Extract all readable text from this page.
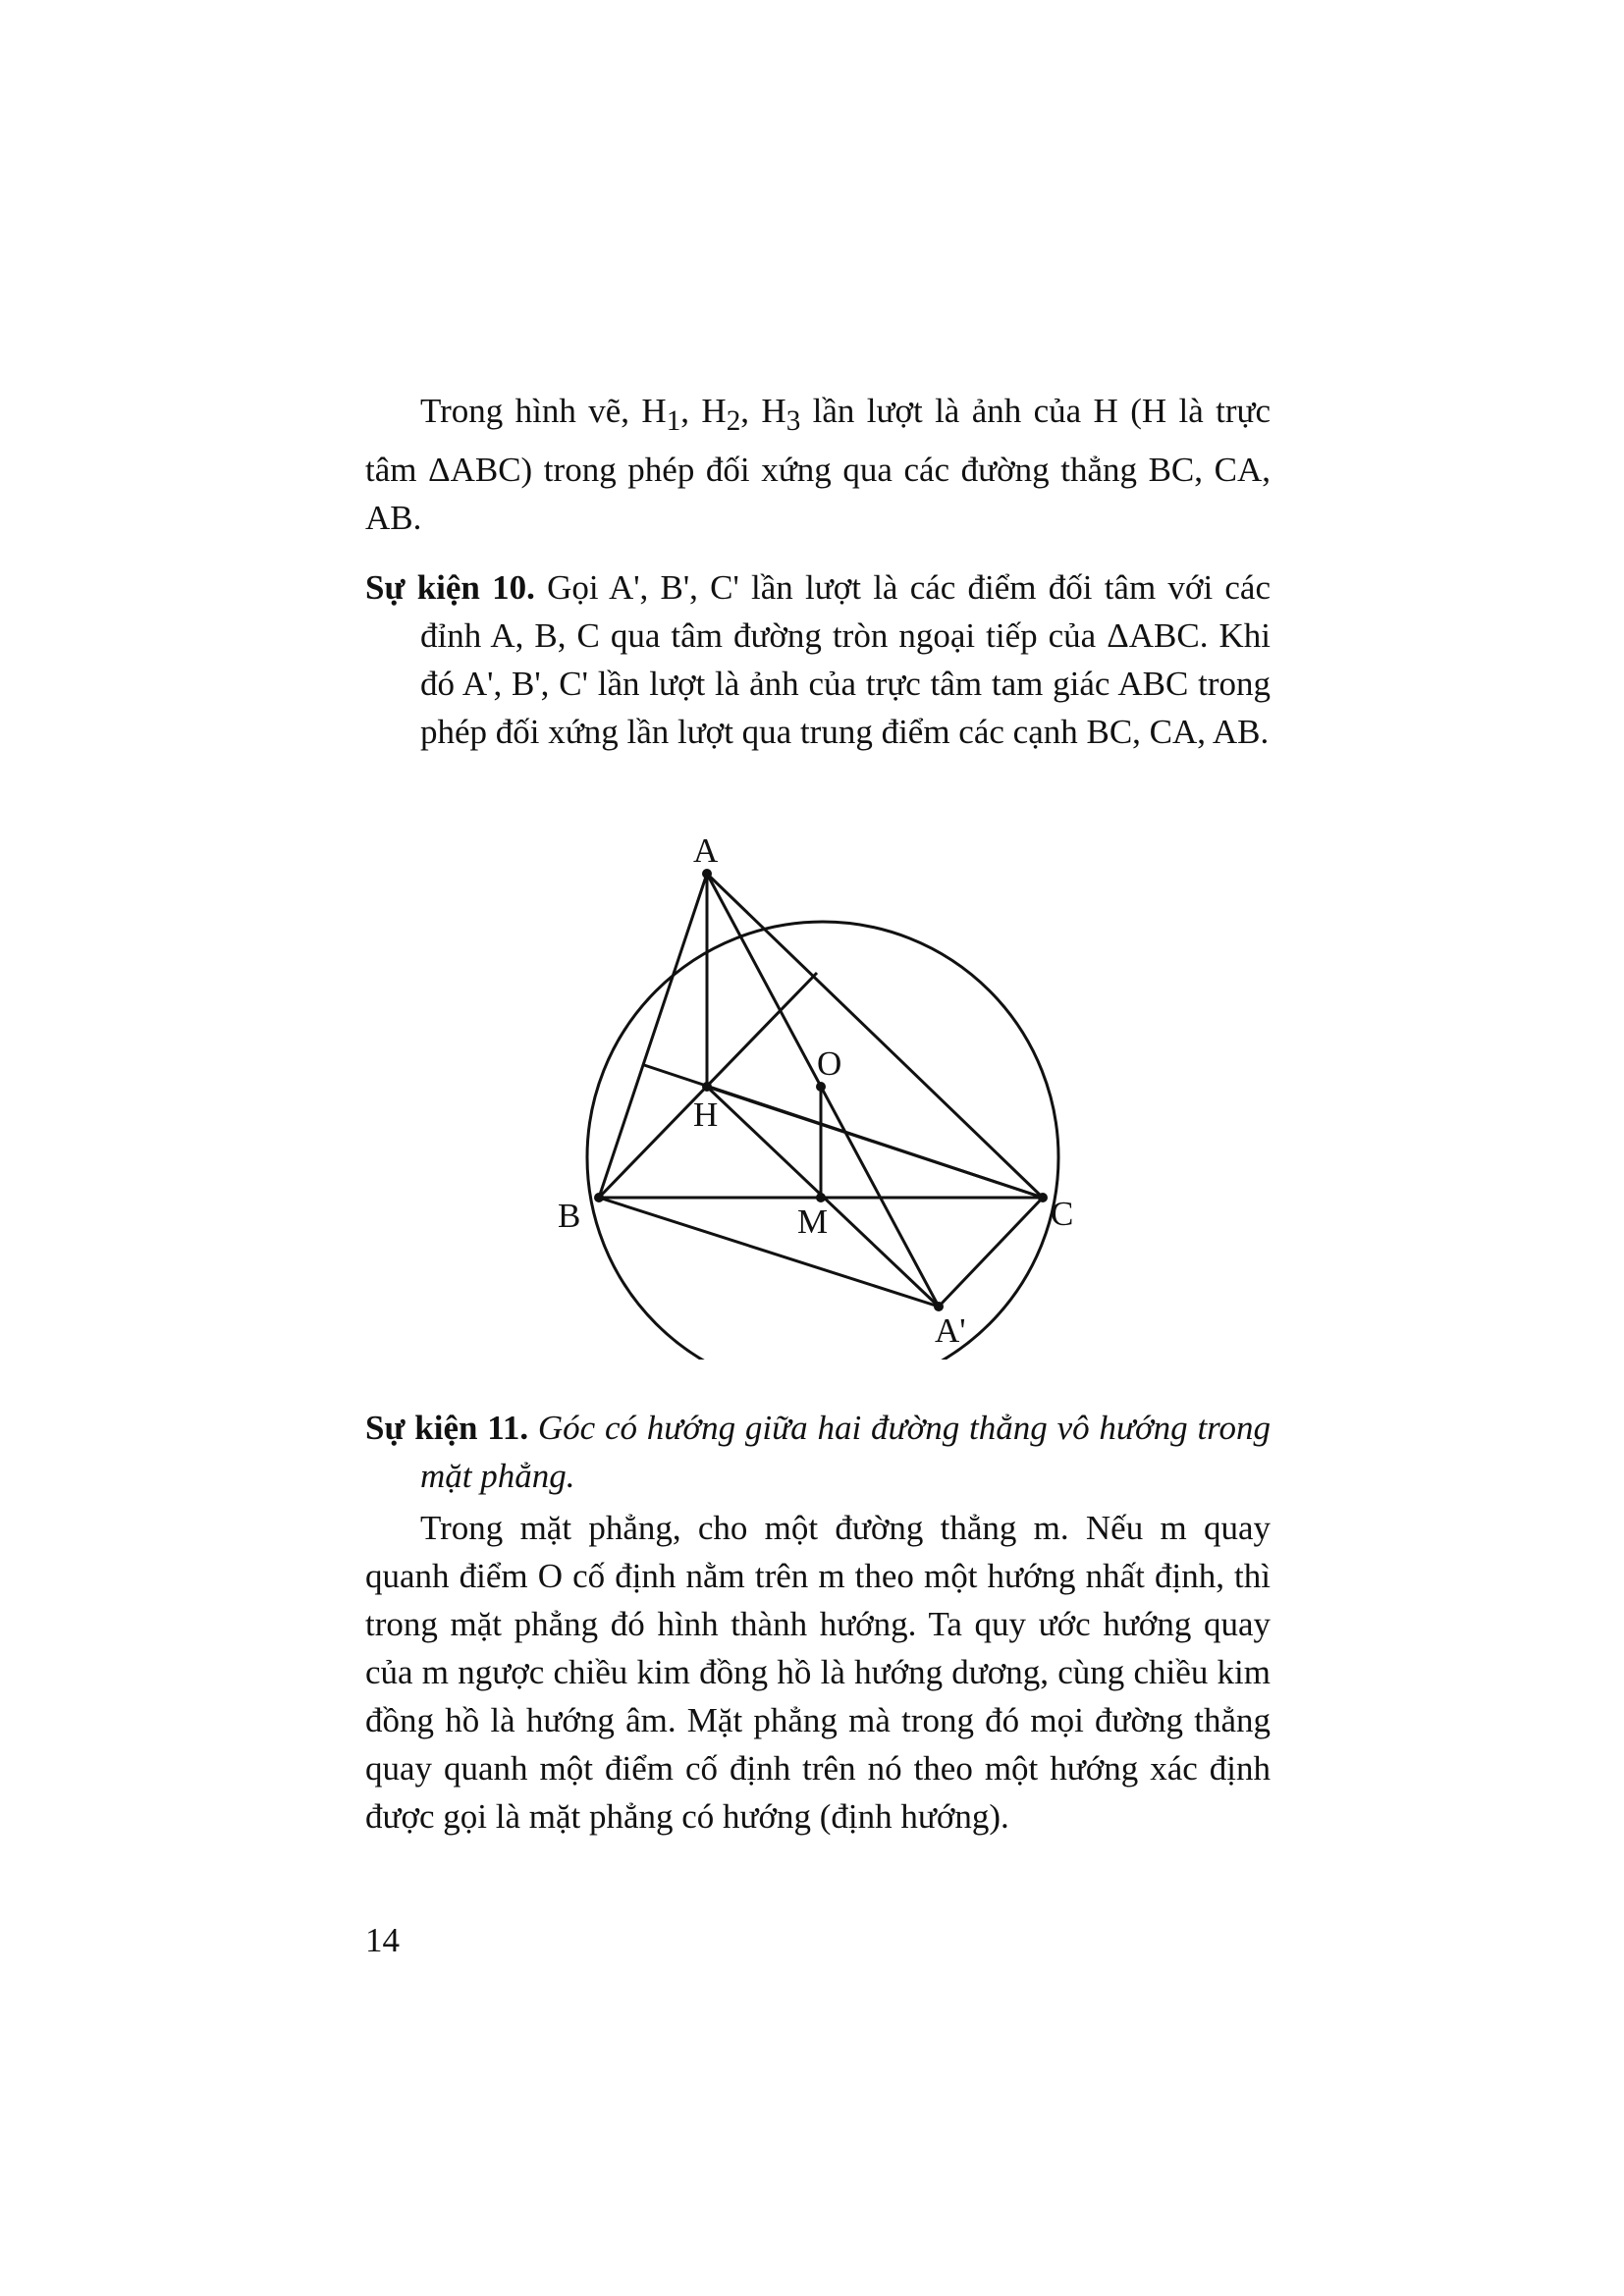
Trong hình vẽ, $H_1$, $H_2$, $H_3$ lần lượt là ảnh của H (H là trực tâm ΔABC) trong phép đối xứng qua các đường thẳng BC, CA, AB.

Sự kiện 10. Gọi A', B', C' lần lượt là các điểm đối tâm với các đỉnh A, B, C qua tâm đường tròn ngoại tiếp của ΔABC. Khi đó A', B', C' lần lượt là ảnh của trực tâm tam giác ABC trong phép đối xứng lần lượt qua trung điểm các cạnh BC, CA, AB.

A
B	C
O
H
M
A'

Sự kiện 11. Góc có hướng giữa hai đường thẳng vô hướng trong mặt phẳng.

Trong mặt phẳng, cho một đường thẳng m. Nếu m quay quanh điểm O cố định nằm trên m theo một hướng nhất định, thì trong mặt phẳng đó hình thành hướng. Ta quy ước hướng quay của m ngược chiều kim đồng hồ là hướng dương, cùng chiều kim đồng hồ là hướng âm. Mặt phẳng mà trong đó mọi đường thẳng quay quanh một điểm cố định trên nó theo một hướng xác định được gọi là mặt phẳng có hướng (định hướng).

14
